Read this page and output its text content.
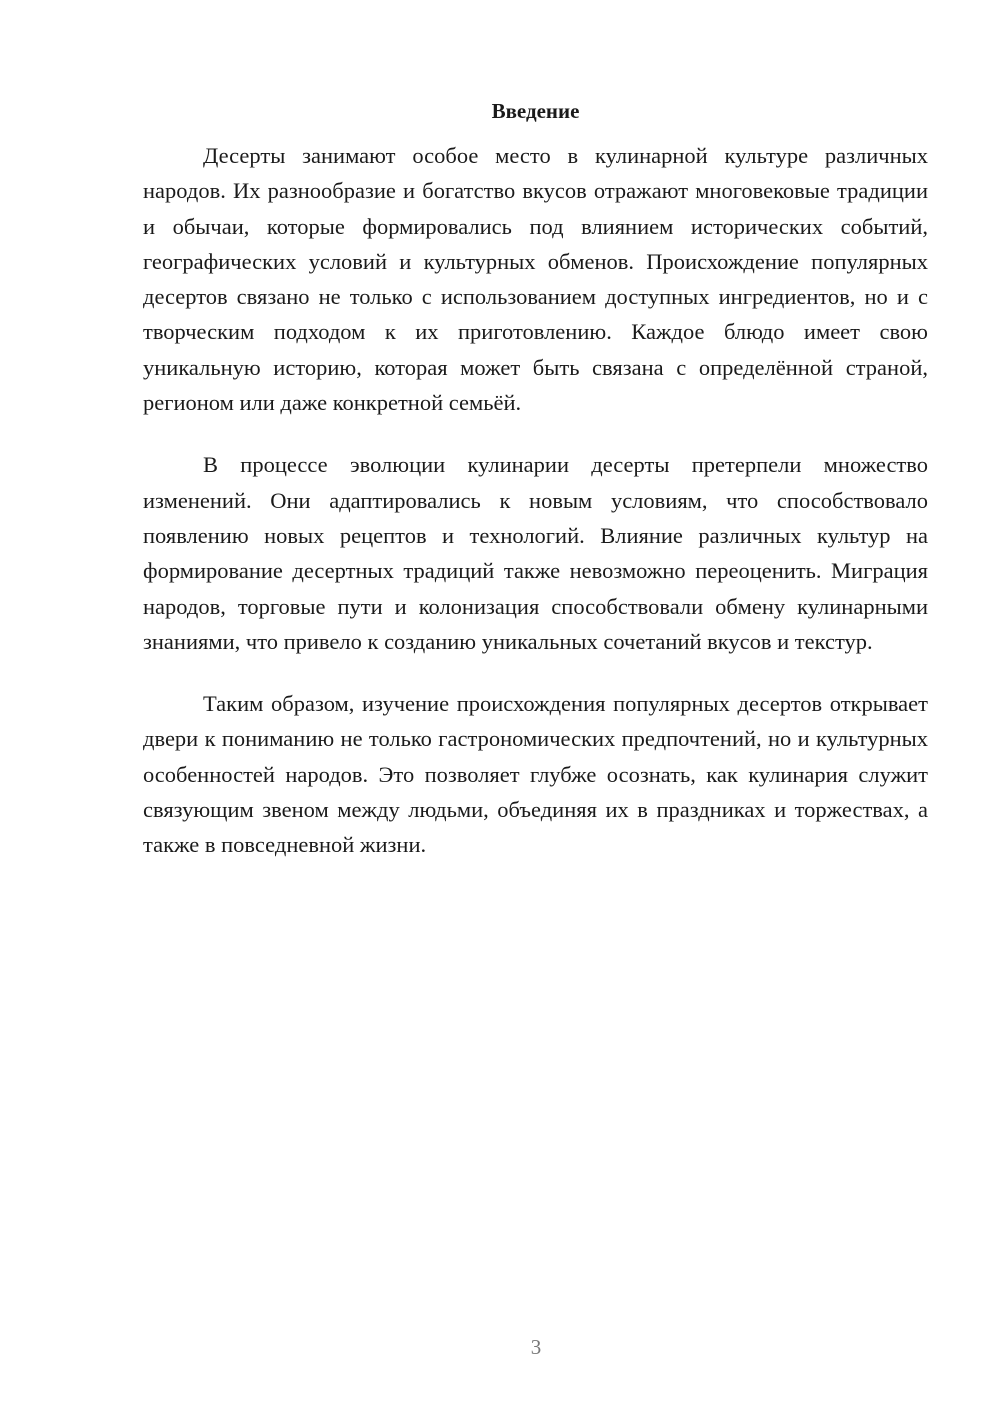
Введение

Десерты занимают особое место в кулинарной культуре различных народов. Их разнообразие и богатство вкусов отражают многовековые традиции и обычаи, которые формировались под влиянием исторических событий, географических условий и культурных обменов. Происхождение популярных десертов связано не только с использованием доступных ингредиентов, но и с творческим подходом к их приготовлению. Каждое блюдо имеет свою уникальную историю, которая может быть связана с определённой страной, регионом или даже конкретной семьёй.

В процессе эволюции кулинарии десерты претерпели множество изменений. Они адаптировались к новым условиям, что способствовало появлению новых рецептов и технологий. Влияние различных культур на формирование десертных традиций также невозможно переоценить. Миграция народов, торговые пути и колонизация способствовали обмену кулинарными знаниями, что привело к созданию уникальных сочетаний вкусов и текстур.

Таким образом, изучение происхождения популярных десертов открывает двери к пониманию не только гастрономических предпочтений, но и культурных особенностей народов. Это позволяет глубже осознать, как кулинария служит связующим звеном между людьми, объединяя их в праздниках и торжествах, а также в повседневной жизни.

3
